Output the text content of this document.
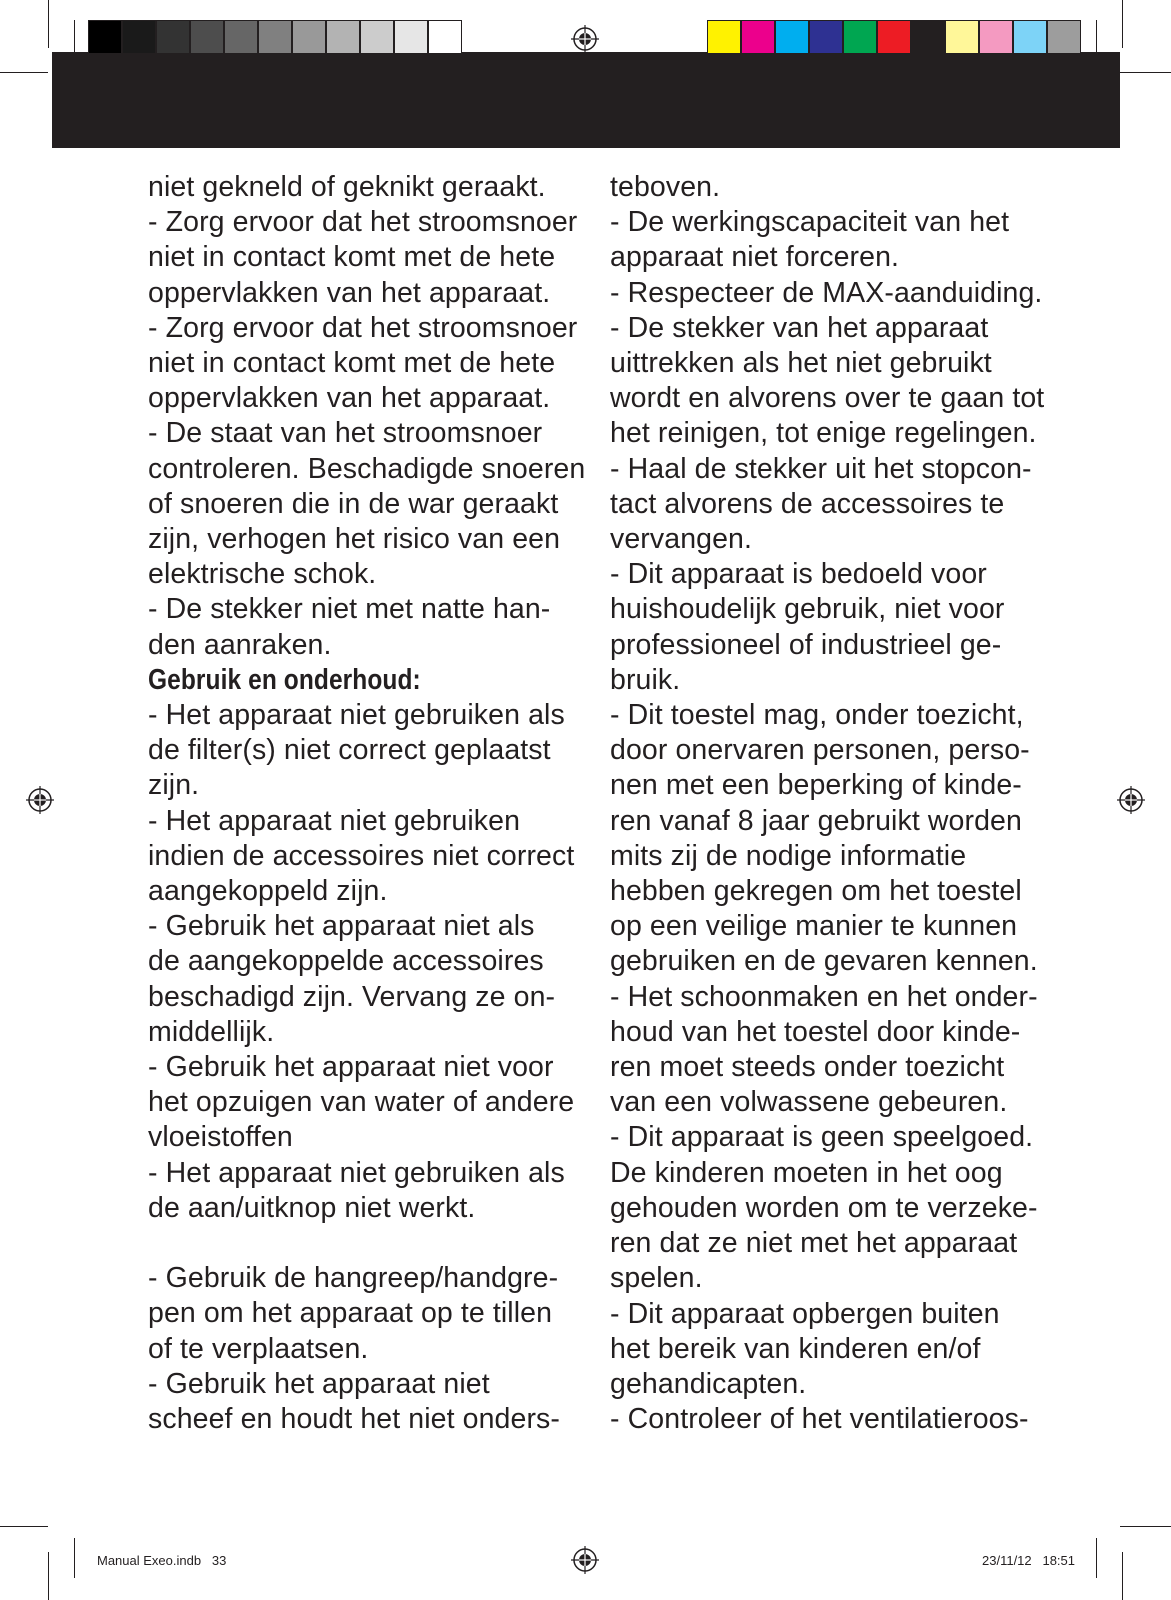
niet gekneld of geknikt geraakt.

- Zorg ervoor dat het stroomsnoer

niet in contact komt met de hete

oppervlakken van het apparaat.

- Zorg ervoor dat het stroomsnoer

niet in contact komt met de hete

oppervlakken van het apparaat.

- De staat van het stroomsnoer

controleren. Beschadigde snoeren

of snoeren die in de war geraakt

zijn, verhogen het risico van een

elektrische schok.

- De stekker niet met natte han-

den aanraken.

Gebruik en onderhoud:

- Het apparaat niet gebruiken als

de filter(s) niet correct geplaatst

zijn.

- Het apparaat niet gebruiken

indien de accessoires niet correct

aangekoppeld zijn.

- Gebruik het apparaat niet als

de aangekoppelde accessoires

beschadigd zijn. Vervang ze on-

middellijk.

- Gebruik het apparaat niet voor

het opzuigen van water of andere

vloeistoffen

- Het apparaat niet gebruiken als

de aan/uitknop niet werkt.

- Gebruik de hangreep/handgre-

pen om het apparaat op te tillen

of te verplaatsen.

- Gebruik het apparaat niet

scheef en houdt het niet onders-

teboven.

- De werkingscapaciteit van het

apparaat niet forceren.

- Respecteer de MAX-aanduiding.

- De stekker van het apparaat

uittrekken als het niet gebruikt

wordt en alvorens over te gaan tot

het reinigen, tot enige regelingen.

- Haal de stekker uit het stopcon-

tact alvorens de accessoires te

vervangen.

- Dit apparaat is bedoeld voor

huishoudelijk gebruik, niet voor

professioneel of industrieel ge-

bruik.

- Dit toestel mag, onder toezicht,

door onervaren personen, perso-

nen met een beperking of kinde-

ren vanaf 8 jaar gebruikt worden

mits zij de nodige informatie

hebben gekregen om het toestel

op een veilige manier te kunnen

gebruiken en de gevaren kennen.

- Het schoonmaken en het onder-

houd van het toestel door kinde-

ren moet steeds onder toezicht

van een volwassene gebeuren.

- Dit apparaat is geen speelgoed.

De kinderen moeten in het oog

gehouden worden om te verzeke-

ren dat ze niet met het apparaat

spelen.

- Dit apparaat opbergen buiten

het bereik van kinderen en/of

gehandicapten.

- Controleer of het ventilatieroos-

Manual Exeo.indb   33	23/11/12   18:51
